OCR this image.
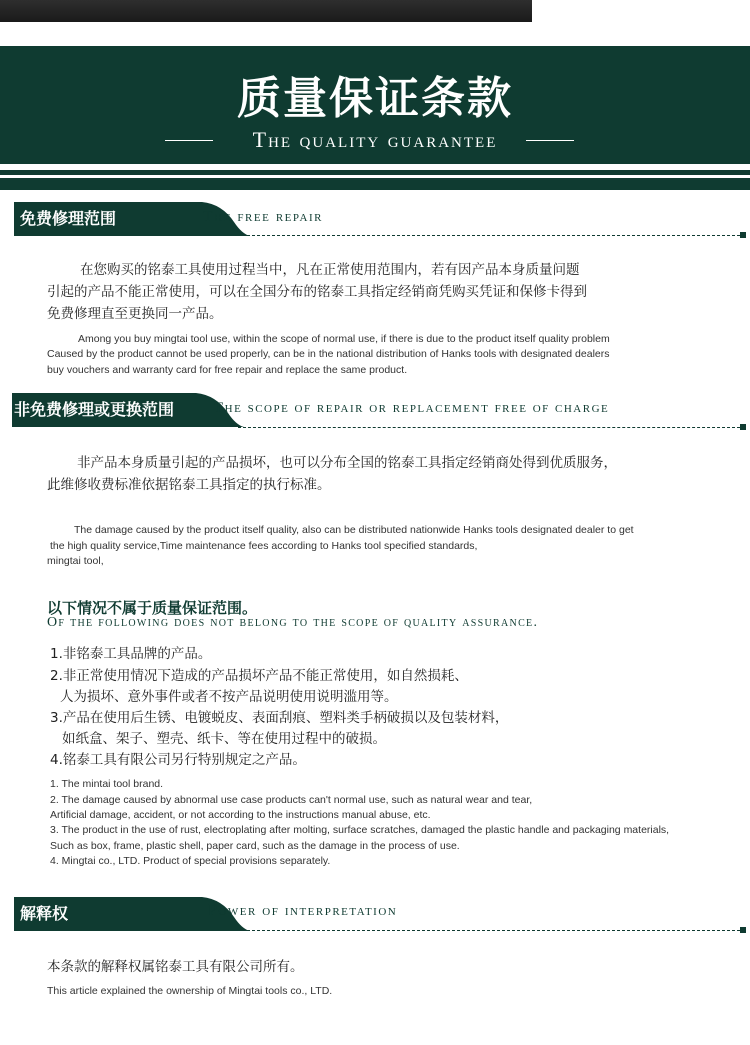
质量保证条款
The quality guarantee
免费修理范围	The free repair
在您购买的铭泰工具使用过程当中，凡在正常使用范围内，若有因产品本身质量问题
引起的产品不能正常使用，可以在全国分布的铭泰工具指定经销商凭购买凭证和保修卡得到
免费修理直至更换同一产品。
Among you buy mingtai tool use, within the scope of normal use, if there is due to the product itself quality problem
Caused by the product cannot be used properly, can be in the national distribution of Hanks tools with designated dealers
buy vouchers and warranty card for free repair and replace the same product.
非免费修理或更换范围	The scope of repair or replacement free of charge
非产品本身质量引起的产品损坏，也可以分布全国的铭泰工具指定经销商处得到优质服务，
此维修收费标准依据铭泰工具指定的执行标准。
The damage caused by the product itself quality, also can be distributed nationwide Hanks tools designated dealer to get
the high quality service,Time maintenance fees according to Hanks tool specified standards,
mingtai tool,
以下情况不属于质量保证范围。
Of the following does not belong to the scope of quality assurance.
1.非铭泰工具品牌的产品。
2.非正常使用情况下造成的产品损坏产品不能正常使用，如自然损耗、
人为损坏、意外事件或者不按产品说明使用说明滥用等。
3.产品在使用后生锈、电镀蜕皮、表面刮痕、塑料类手柄破损以及包装材料，
如纸盒、架子、塑壳、纸卡、等在使用过程中的破损。
4.铭泰工具有限公司另行特别规定之产品。
1. The mintai tool brand.
2. The damage caused by abnormal use case products can't normal use, such as natural wear and tear,
Artificial damage, accident, or not according to the instructions manual abuse, etc.
3. The product in the use of rust, electroplating after molting, surface scratches, damaged the plastic handle and packaging materials,
Such as box, frame, plastic shell, paper card, such as the damage in the process of use.
4. Mingtai co., LTD. Product of special provisions separately.
解释权	Power of interpretation
本条款的解释权属铭泰工具有限公司所有。
This article explained the ownership of Mingtai tools co., LTD.
